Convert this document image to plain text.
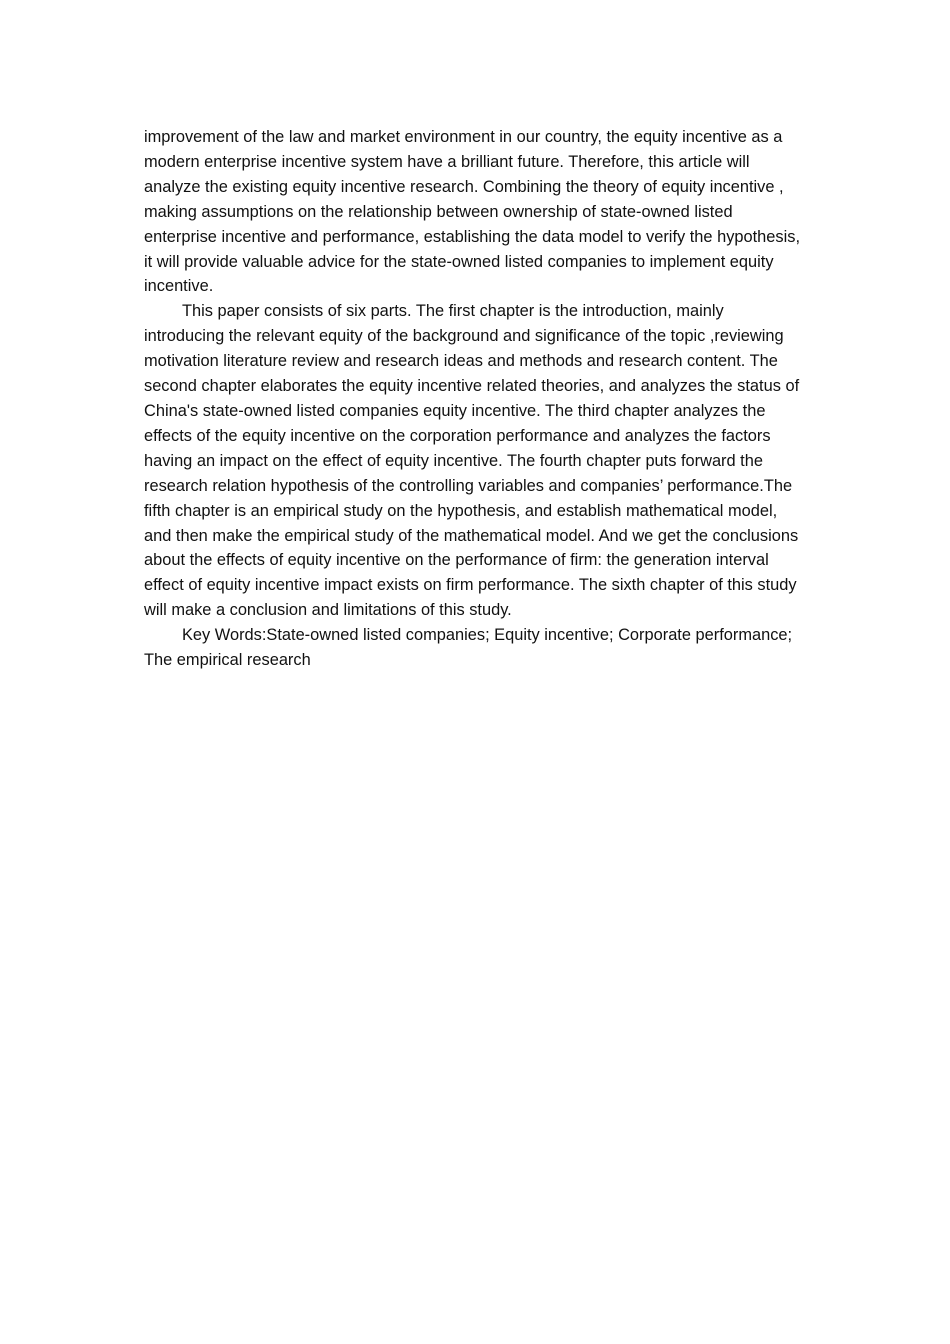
improvement of the law and market environment in our country, the equity incentive as a modern enterprise incentive system have a brilliant future. Therefore, this article will analyze the existing equity incentive research. Combining the theory of equity incentive , making assumptions on the relationship between ownership of state-owned listed enterprise incentive and performance, establishing the data model to verify the hypothesis, it will provide valuable advice for the state-owned listed companies to implement equity incentive.

This paper consists of six parts. The first chapter is the introduction, mainly introducing the relevant equity of the background and significance of the topic ,reviewing motivation literature review and research ideas and methods and research content. The second chapter elaborates the equity incentive related theories, and analyzes the status of China's state-owned listed companies equity incentive. The third chapter analyzes the effects of the equity incentive on the corporation performance and analyzes the factors having an impact on the effect of equity incentive. The fourth chapter puts forward the research relation hypothesis of the controlling variables and companies’ performance.The fifth chapter is an empirical study on the hypothesis, and establish mathematical model, and then make the empirical study of the mathematical model. And we get the conclusions about the effects of equity incentive on the performance of firm: the generation interval effect of equity incentive impact exists on firm performance. The sixth chapter of this study will make a conclusion and limitations of this study.

Key Words:State-owned listed companies; Equity incentive; Corporate performance; The empirical research
